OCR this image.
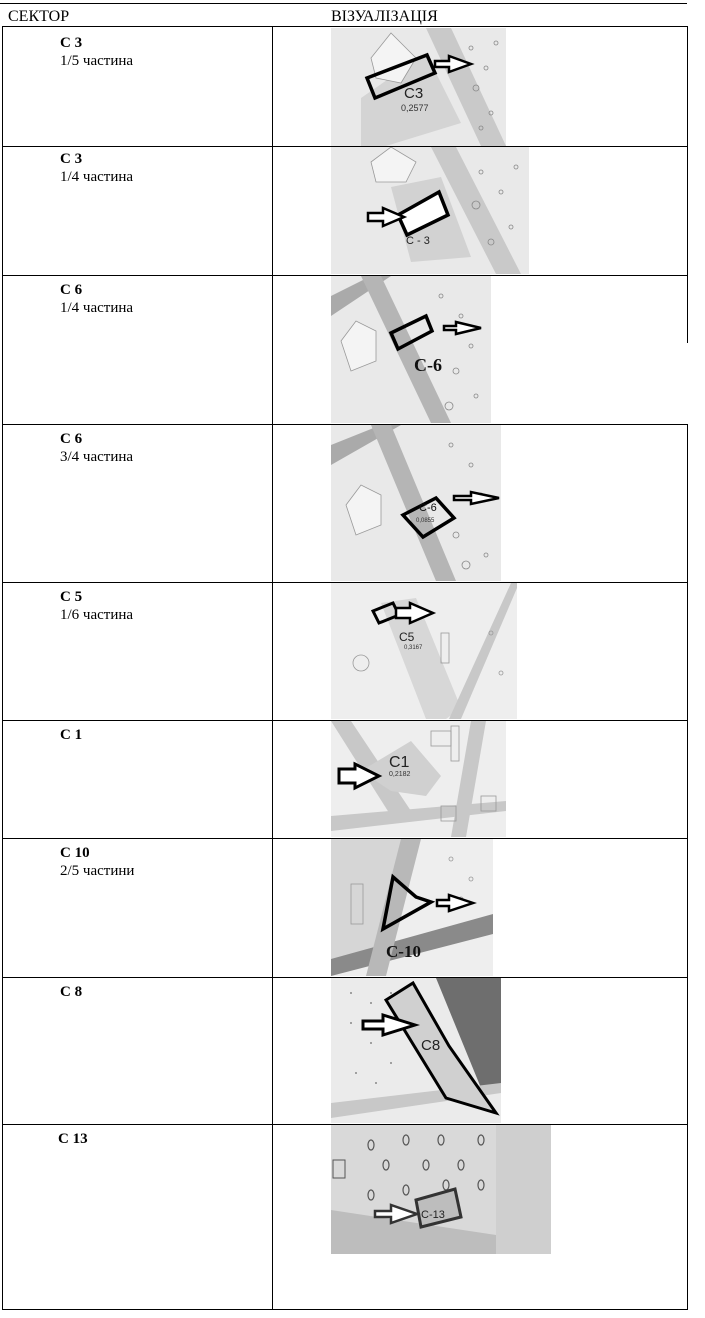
СЕКТОР	ВІЗУАЛІЗАЦІЯ
С 3
1/5 частина
C3
0,2577
С 3
1/4 частина
С - 3
С 6
1/4 частина
С-6
С 6
3/4 частина
С-6
0,0855
С 5
1/6 частина
C5
0,3167
С 1
C1
0,2182
С 10
2/5 частини
С-10
С 8
C8
С 13
C-13
